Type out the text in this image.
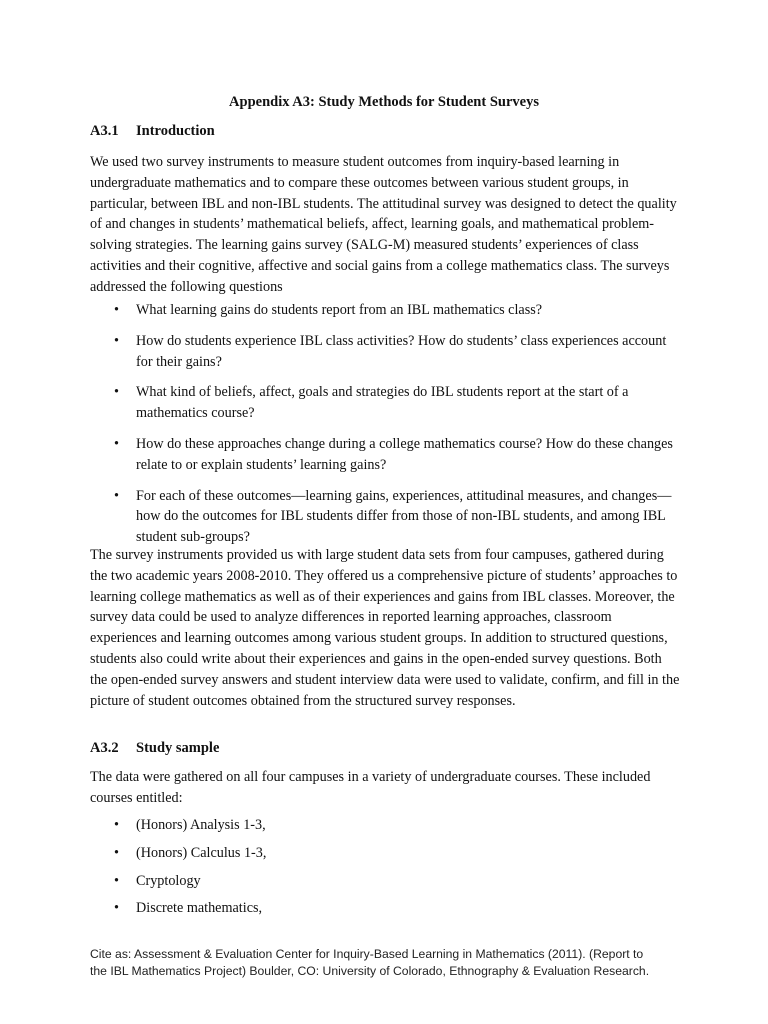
Appendix A3: Study Methods for Student Surveys
A3.1 Introduction
We used two survey instruments to measure student outcomes from inquiry-based learning in undergraduate mathematics and to compare these outcomes between various student groups, in particular, between IBL and non-IBL students. The attitudinal survey was designed to detect the quality of and changes in students’ mathematical beliefs, affect, learning goals, and mathematical problem-solving strategies. The learning gains survey (SALG-M) measured students’ experiences of class activities and their cognitive, affective and social gains from a college mathematics class. The surveys addressed the following questions
• What learning gains do students report from an IBL mathematics class?
• How do students experience IBL class activities? How do students’ class experiences account for their gains?
• What kind of beliefs, affect, goals and strategies do IBL students report at the start of a mathematics course?
• How do these approaches change during a college mathematics course? How do these changes relate to or explain students’ learning gains?
• For each of these outcomes—learning gains, experiences, attitudinal measures, and changes—how do the outcomes for IBL students differ from those of non-IBL students, and among IBL student sub-groups?
The survey instruments provided us with large student data sets from four campuses, gathered during the two academic years 2008-2010. They offered us a comprehensive picture of students’ approaches to learning college mathematics as well as of their experiences and gains from IBL classes. Moreover, the survey data could be used to analyze differences in reported learning approaches, classroom experiences and learning outcomes among various student groups. In addition to structured questions, students also could write about their experiences and gains in the open-ended survey questions. Both the open-ended survey answers and student interview data were used to validate, confirm, and fill in the picture of student outcomes obtained from the structured survey responses.
A3.2 Study sample
The data were gathered on all four campuses in a variety of undergraduate courses. These included courses entitled:
• (Honors) Analysis 1-3,
• (Honors) Calculus 1-3,
• Cryptology
• Discrete mathematics,
Cite as: Assessment & Evaluation Center for Inquiry-Based Learning in Mathematics (2011). (Report to
the IBL Mathematics Project) Boulder, CO: University of Colorado, Ethnography & Evaluation Research.
